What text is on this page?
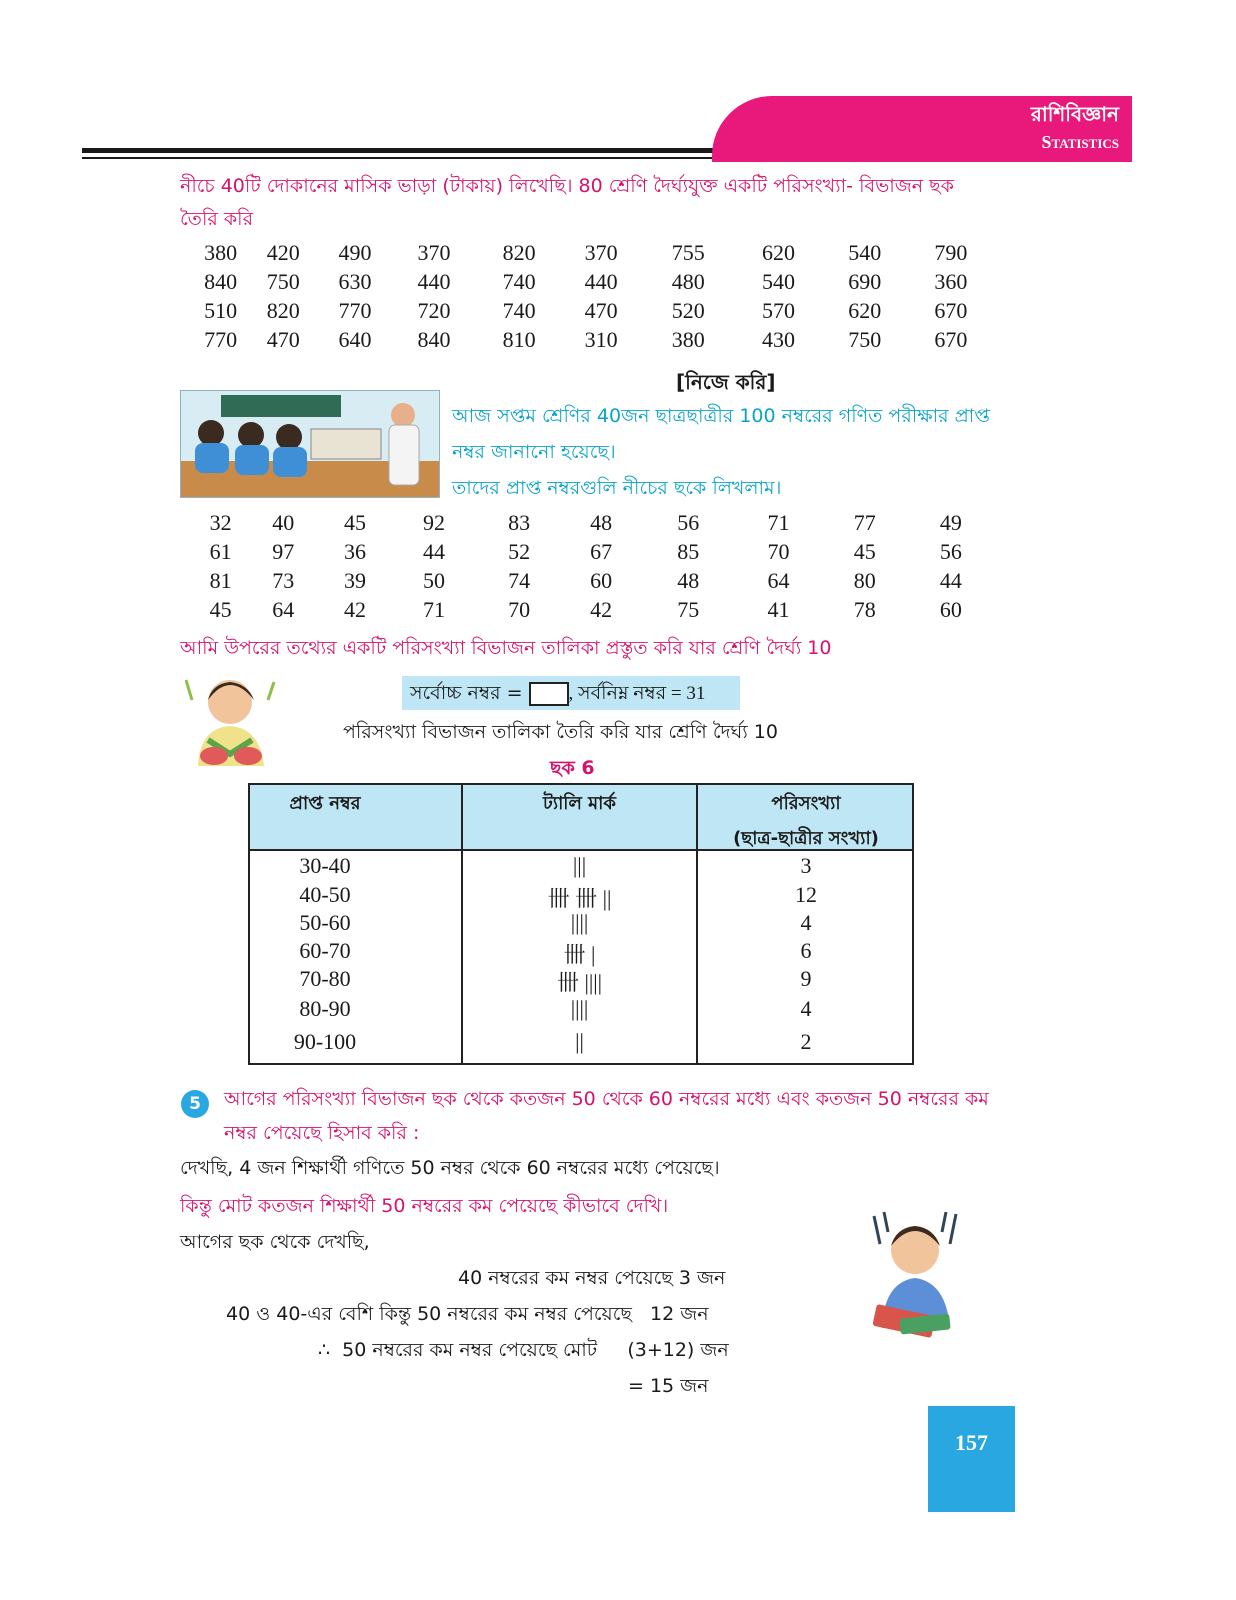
রাশিবিজ্ঞান
Statistics
নীচে 40টি দোকানের মাসিক ভাড়া (টাকায়) লিখেছি। 80 শ্রেণি দৈর্ঘ্যযুক্ত একটি পরিসংখ্যা- বিভাজন ছক
তৈরি করি
380	420	490	370	820	370	755	620	540	790
840	750	630	440	740	440	480	540	690	360
510	820	770	720	740	470	520	570	620	670
770	470	640	840	810	310	380	430	750	670
[নিজে করি]
আজ সপ্তম শ্রেণির 40জন ছাত্রছাত্রীর 100 নম্বরের গণিত পরীক্ষার প্রাপ্ত
নম্বর জানানো হয়েছে।
তাদের প্রাপ্ত নম্বরগুলি নীচের ছকে লিখলাম।
32	40	45	92	83	48	56	71	77	49
61	97	36	44	52	67	85	70	45	56
81	73	39	50	74	60	48	64	80	44
45	64	42	71	70	42	75	41	78	60
আমি উপরের তথ্যের একটি পরিসংখ্যা বিভাজন তালিকা প্রস্তুত করি যার শ্রেণি দৈর্ঘ্য 10
সর্বোচ্চ নম্বর = , সর্বনিম্ন নম্বর = 31
পরিসংখ্যা বিভাজন তালিকা তৈরি করি যার শ্রেণি দৈর্ঘ্য 10
ছক 6
প্রাপ্ত নম্বর	ট্যালি মার্ক	পরিসংখ্যা
(ছাত্র-ছাত্রীর সংখ্যা)
30-40	|||	3
40-50	卌 卌 ||	12
50-60	||||	4
60-70	卌 |	6
70-80	卌 ||||	9
80-90	||||	4
90-100	||	2
5	আগের পরিসংখ্যা বিভাজন ছক থেকে কতজন 50 থেকে 60 নম্বরের মধ্যে এবং কতজন 50 নম্বরের কম
নম্বর পেয়েছে হিসাব করি :
দেখছি, 4 জন শিক্ষার্থী গণিতে 50 নম্বর থেকে 60 নম্বরের মধ্যে পেয়েছে।
কিন্তু মোট কতজন শিক্ষার্থী 50 নম্বরের কম পেয়েছে কীভাবে দেখি।
আগের ছক থেকে দেখছি,
40 নম্বরের কম নম্বর পেয়েছে 3 জন
40 ও 40-এর বেশি কিন্তু 50 নম্বরের কম নম্বর পেয়েছে   12 জন
∴  50 নম্বরের কম নম্বর পেয়েছে মোট     (3+12) জন
= 15 জন
157
